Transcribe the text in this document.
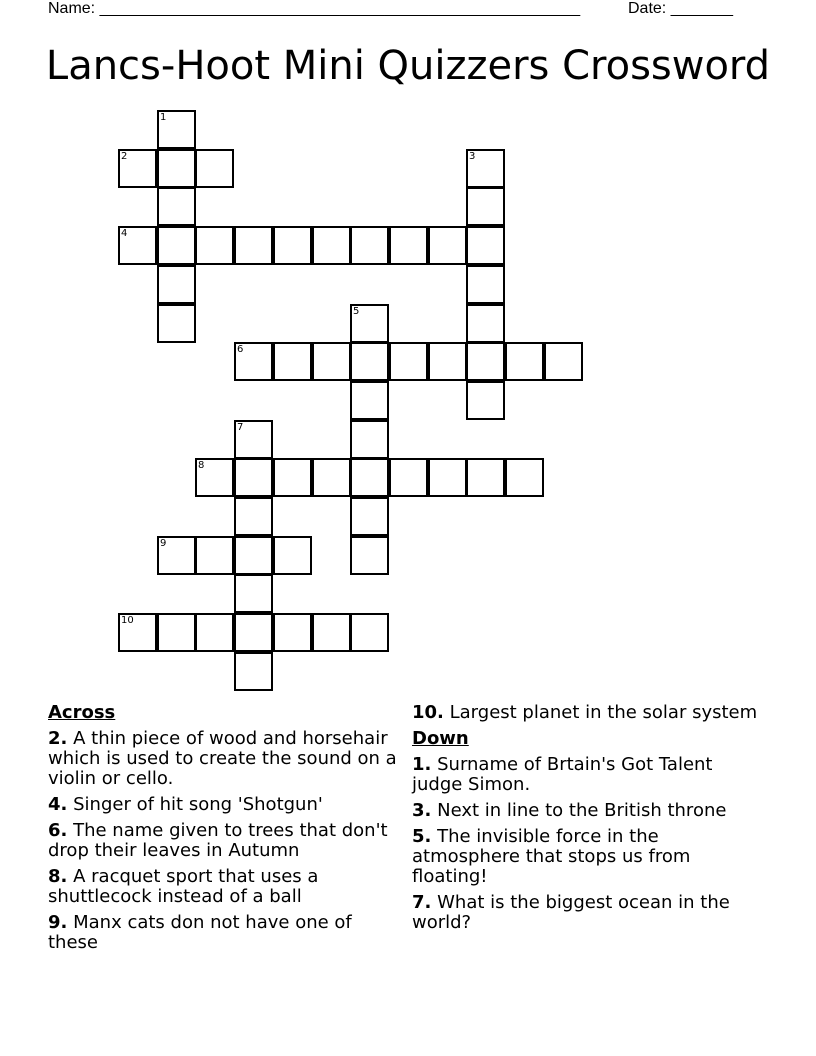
Name: ______________________________________________________	Date: _______
Lancs-Hoot Mini Quizzers Crossword
1
2	3
4
5
6
7
8
9
10
Across
2. A thin piece of wood and horsehair which is used to create the sound on a violin or cello.
4. Singer of hit song 'Shotgun'
6. The name given to trees that don't drop their leaves in Autumn
8. A racquet sport that uses a shuttlecock instead of a ball
9. Manx cats don not have one of these
10. Largest planet in the solar system
Down
1. Surname of Brtain's Got Talent judge Simon.
3. Next in line to the British throne
5. The invisible force in the atmosphere that stops us from floating!
7. What is the biggest ocean in the world?
